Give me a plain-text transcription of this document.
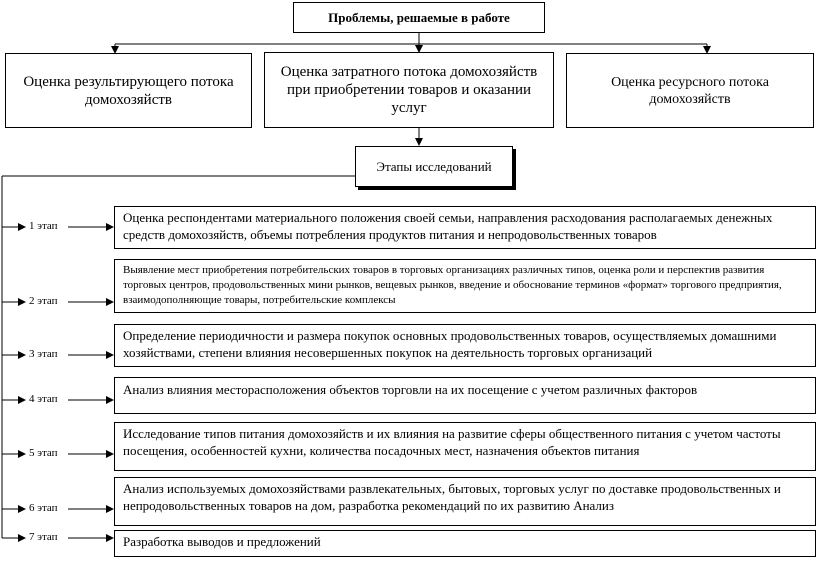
Проблемы, решаемые в работе
Оценка результирующего потока домохозяйств
Оценка затратного потока домохозяйств при приобретении товаров и оказании услуг
Оценка ресурсного потока домохозяйств
Этапы исследований
1 этап
2 этап
3 этап
4 этап
5 этап
6 этап
7 этап
Оценка респондентами материального положения своей семьи, направления расходования располагаемых денежных средств домохозяйств, объемы потребления продуктов питания и непродовольственных товаров
Выявление мест приобретения потребительских товаров в торговых организациях различных типов, оценка роли и перспектив развития торговых центров, продовольственных мини рынков, вещевых рынков, введение и обоснование терминов «формат» торгового предприятия, взаимодополняющие товары, потребительские комплексы
Определение периодичности и размера покупок основных продовольственных товаров, осуществляемых домашними хозяйствами, степени влияния несовершенных покупок на деятельность торговых организаций
Анализ влияния месторасположения объектов торговли на их посещение с учетом различных факторов
Исследование типов питания домохозяйств и их влияния на развитие сферы общественного питания с учетом частоты посещения, особенностей кухни, количества посадочных мест, назначения объектов питания
Анализ используемых домохозяйствами развлекательных, бытовых, торговых услуг по доставке продовольственных и непродовольственных товаров на дом, разработка рекомендаций по их развитию Анализ
Разработка выводов и предложений
